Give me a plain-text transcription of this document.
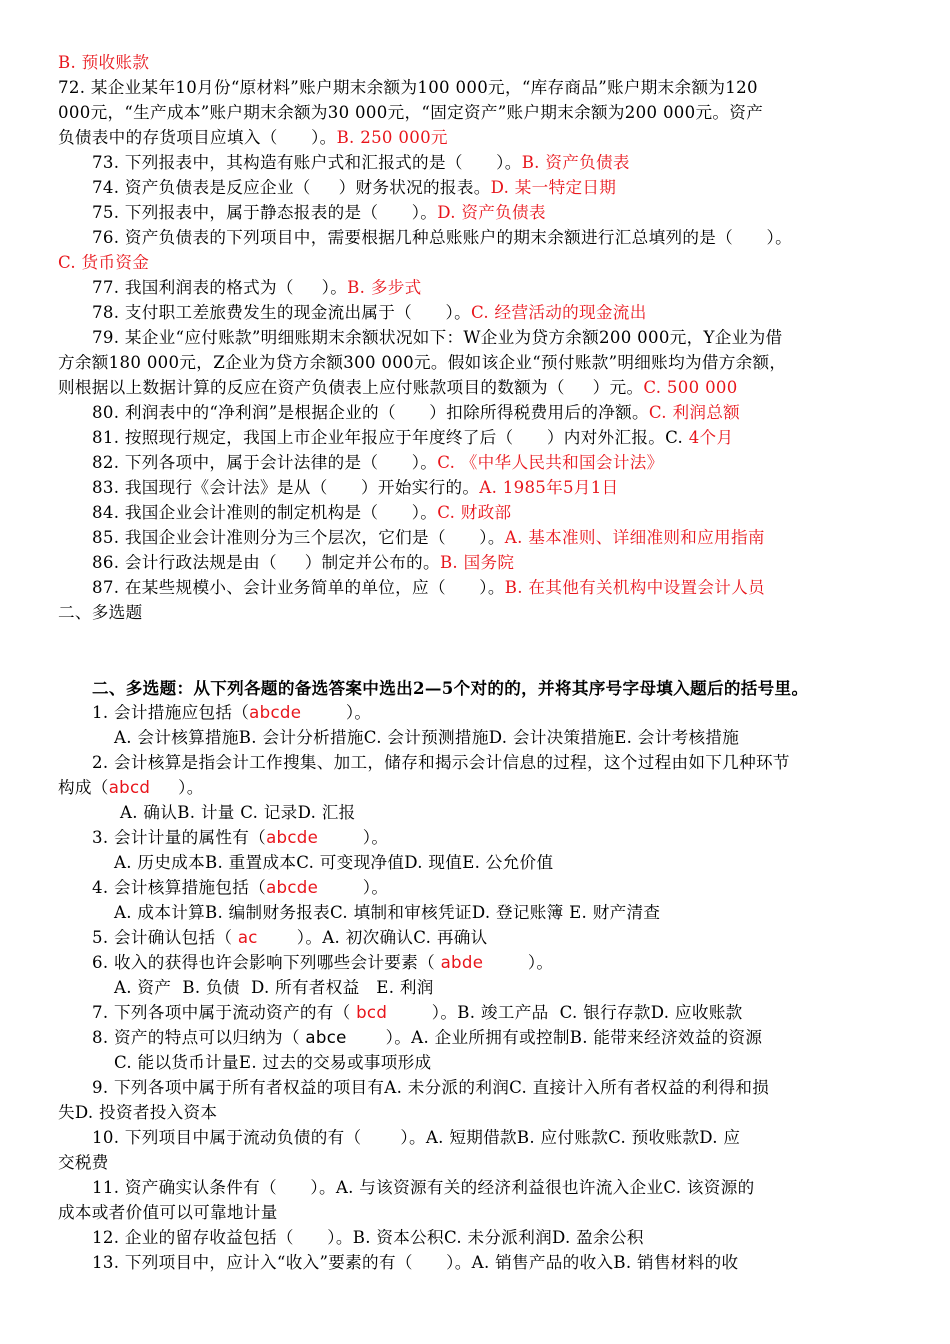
B. 预收账款
72. 某企业某年10月份“原材料”账户期末余额为100 000元，“库存商品”账户期末余额为120
000元，“生产成本”账户期末余额为30 000元，“固定资产”账户期末余额为200 000元。资产
负债表中的存货项目应填入（      ）。B. 250 000元
73. 下列报表中，其构造有账户式和汇报式的是（      ）。B. 资产负债表
74. 资产负债表是反应企业（     ）财务状况的报表。D. 某一特定日期
75. 下列报表中，属于静态报表的是（      ）。D. 资产负债表
76. 资产负债表的下列项目中，需要根据几种总账账户的期末余额进行汇总填列的是（      ）。
C. 货币资金
77. 我国利润表的格式为（     ）。B. 多步式
78. 支付职工差旅费发生的现金流出属于（      ）。C. 经营活动的现金流出
79. 某企业“应付账款”明细账期末余额状况如下：W企业为贷方余额200 000元，Y企业为借
方余额180 000元，Z企业为贷方余额300 000元。假如该企业“预付账款”明细账均为借方余额，
则根据以上数据计算的反应在资产负债表上应付账款项目的数额为（     ）元。C. 500 000
80. 利润表中的“净利润”是根据企业的（      ）扣除所得税费用后的净额。C. 利润总额
81. 按照现行规定，我国上市企业年报应于年度终了后（      ）内对外汇报。C. 4个月
82. 下列各项中，属于会计法律的是（      ）。C. 《中华人民共和国会计法》
83. 我国现行《会计法》是从（      ）开始实行的。A. 1985年5月1日
84. 我国企业会计准则的制定机构是（      ）。C. 财政部
85. 我国企业会计准则分为三个层次，它们是（      ）。A. 基本准则、详细准则和应用指南
86. 会计行政法规是由（     ）制定并公布的。B. 国务院
87. 在某些规模小、会计业务简单的单位，应（      ）。B. 在其他有关机构中设置会计人员
二、多选题
二、多选题：从下列各题的备选答案中选出2—5个对的的，并将其序号字母填入题后的括号里。
1. 会计措施应包括（abcde        ）。
A. 会计核算措施B. 会计分析措施C. 会计预测措施D. 会计决策措施E. 会计考核措施
2. 会计核算是指会计工作搜集、加工，储存和揭示会计信息的过程，这个过程由如下几种环节
构成（abcd     ）。
A. 确认B. 计量 C. 记录D. 汇报
3. 会计计量的属性有（abcde        ）。
A. 历史成本B. 重置成本C. 可变现净值D. 现值E. 公允价值
4. 会计核算措施包括（abcde        ）。
A. 成本计算B. 编制财务报表C. 填制和审核凭证D. 登记账簿 E. 财产清查
5. 会计确认包括（ ac       ）。A. 初次确认C. 再确认
6. 收入的获得也许会影响下列哪些会计要素（ abde        ）。
A. 资产  B. 负债  D. 所有者权益   E. 利润
7. 下列各项中属于流动资产的有（ bcd        ）。B. 竣工产品  C. 银行存款D. 应收账款
8. 资产的特点可以归纳为（ abce       ）。A. 企业所拥有或控制B. 能带来经济效益的资源
C. 能以货币计量E. 过去的交易或事项形成
9. 下列各项中属于所有者权益的项目有A. 未分派的利润C. 直接计入所有者权益的利得和损
失D. 投资者投入资本
10. 下列项目中属于流动负债的有（       ）。A. 短期借款B. 应付账款C. 预收账款D. 应
交税费
11. 资产确实认条件有（      ）。A. 与该资源有关的经济利益很也许流入企业C. 该资源的
成本或者价值可以可靠地计量
12. 企业的留存收益包括（      ）。B. 资本公积C. 未分派利润D. 盈余公积
13. 下列项目中，应计入“收入”要素的有（      ）。A. 销售产品的收入B. 销售材料的收
